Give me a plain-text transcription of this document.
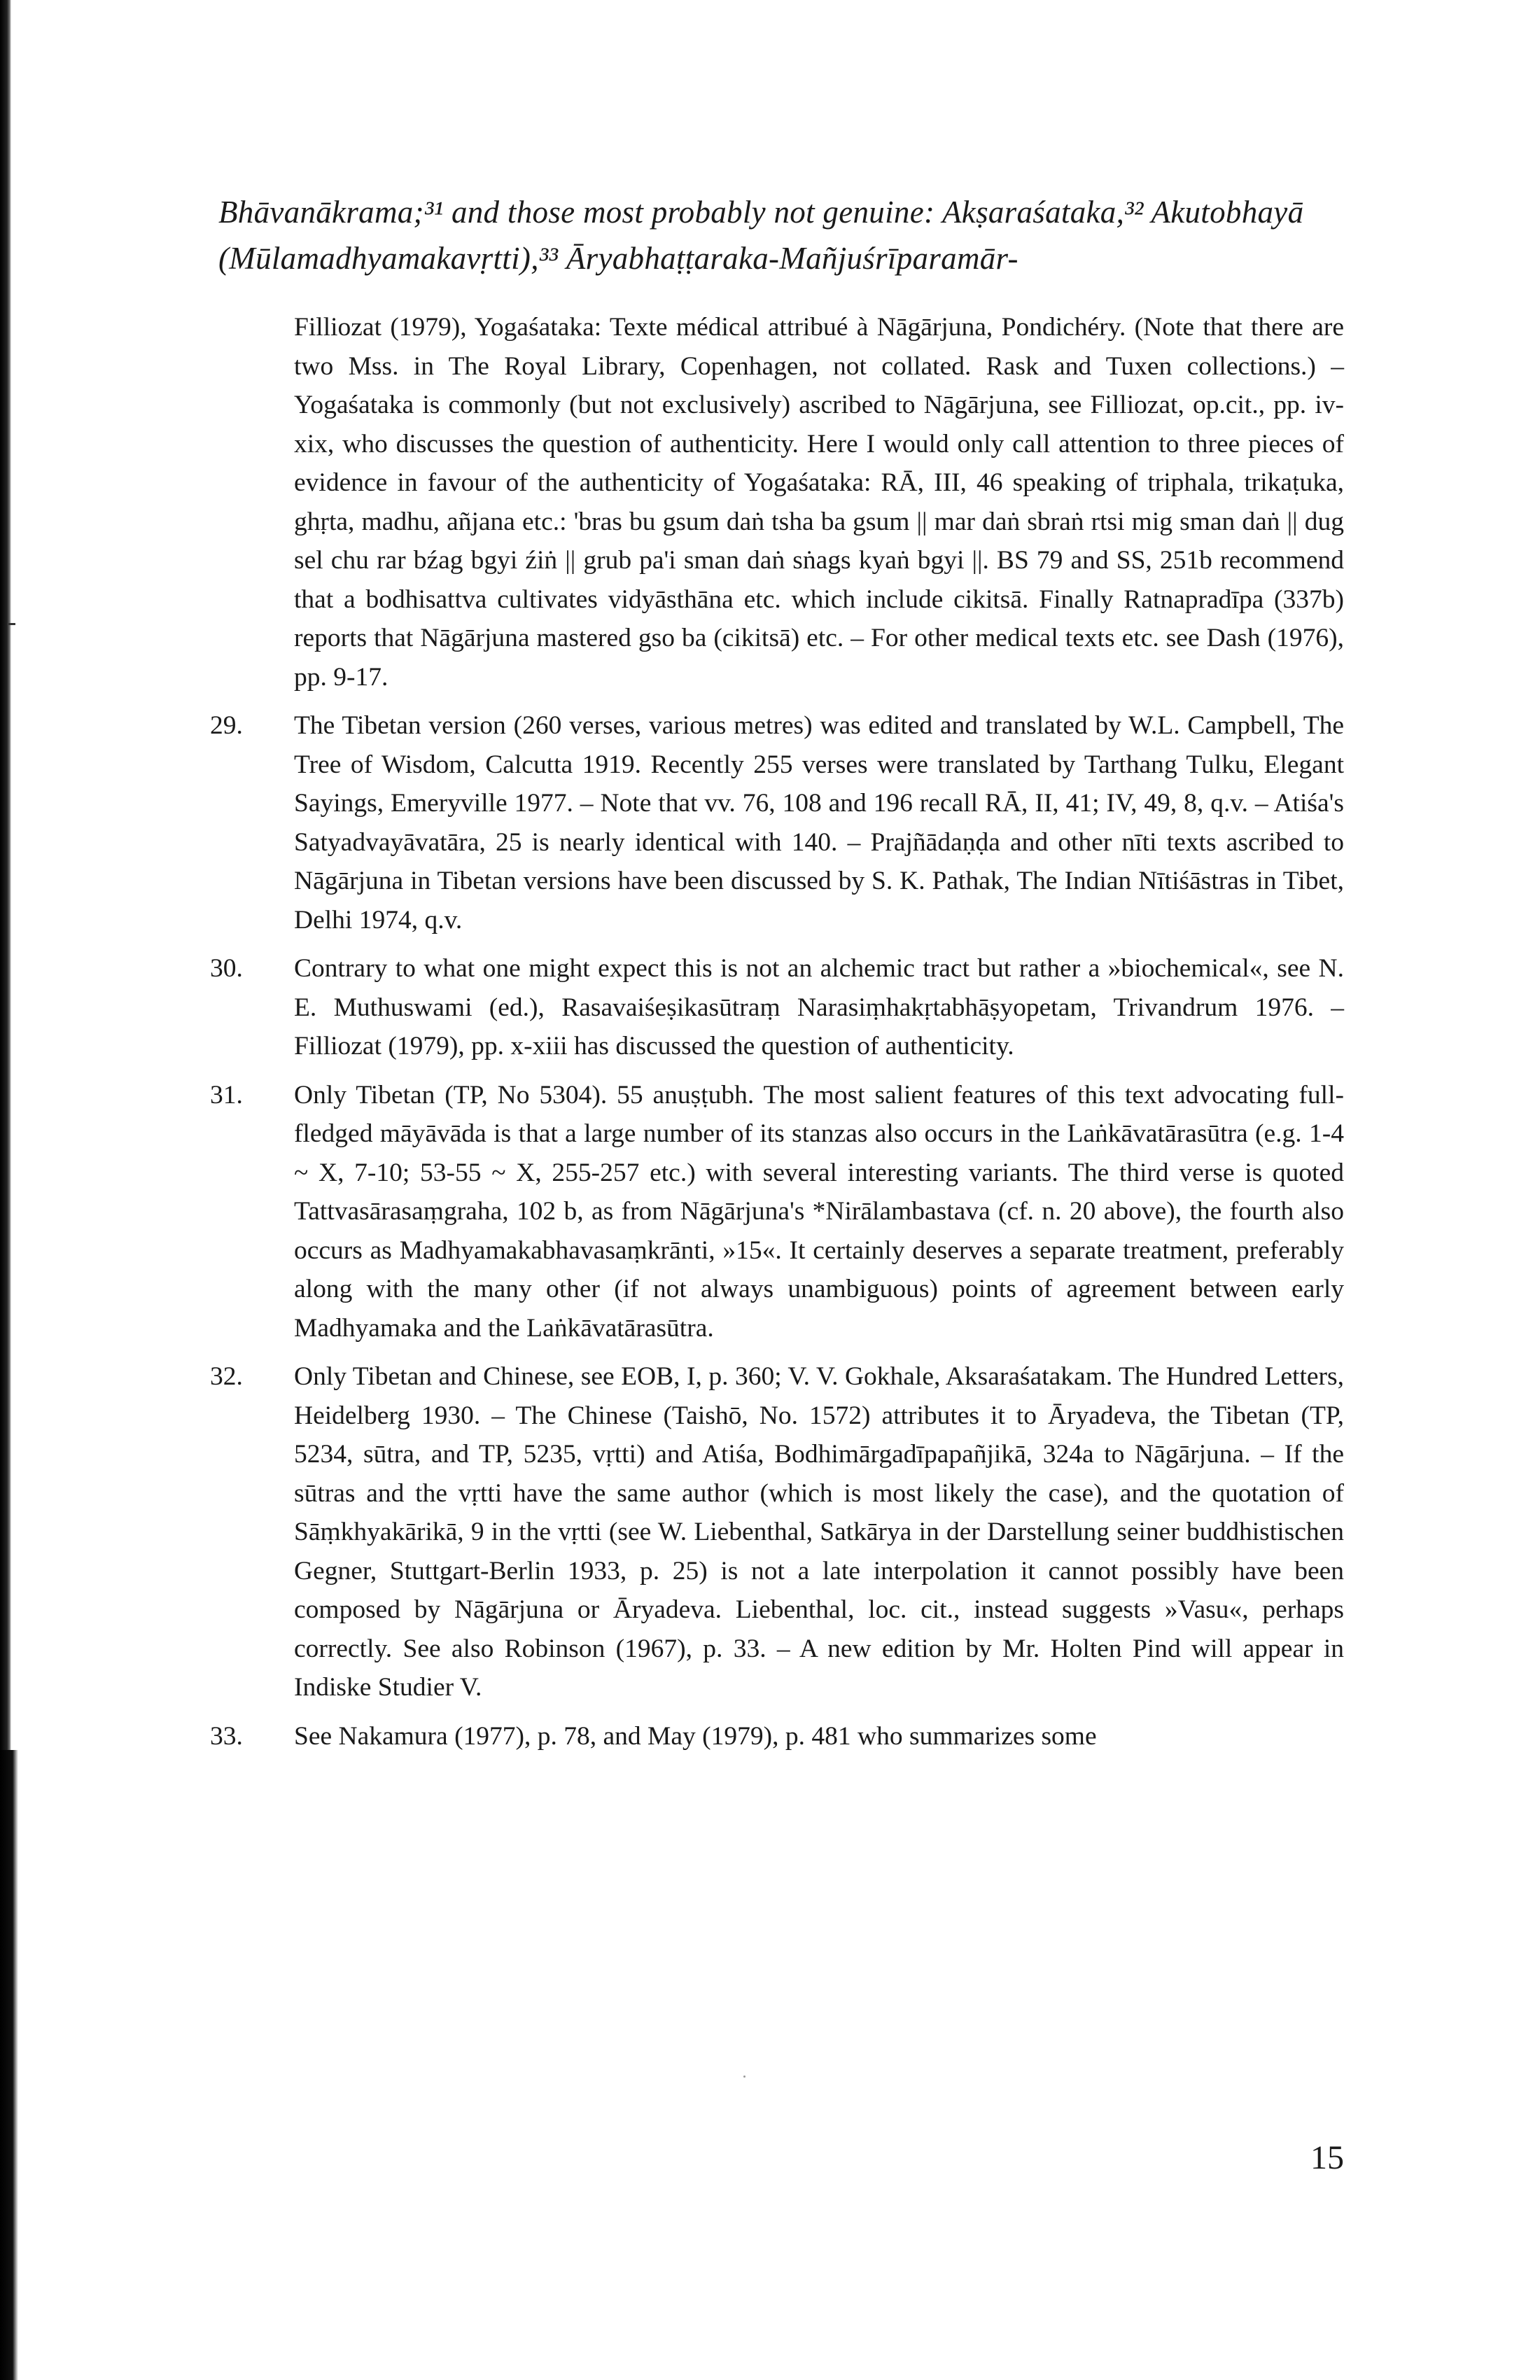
Bhāvanākrama;³¹ and those most probably not genuine: Akṣaraśataka,³² Akutobhayā (Mūlamadhyamakavṛtti),³³ Āryabhaṭṭaraka-Mañjuśrīparamār-
Filliozat (1979), Yogaśataka: Texte médical attribué à Nāgārjuna, Pondichéry. (Note that there are two Mss. in The Royal Library, Copenhagen, not collated. Rask and Tuxen collections.) – Yogaśataka is commonly (but not exclusively) ascribed to Nāgārjuna, see Filliozat, op.cit., pp. iv-xix, who discusses the question of authenticity. Here I would only call attention to three pieces of evidence in favour of the authenticity of Yogaśataka: RĀ, III, 46 speaking of triphala, trikaṭuka, ghṛta, madhu, añjana etc.: 'bras bu gsum daṅ tsha ba gsum || mar daṅ sbraṅ rtsi mig sman daṅ || dug sel chu rar bźag bgyi źiṅ || grub pa'i sman daṅ sṅags kyaṅ bgyi ||. BS 79 and SS, 251b recommend that a bodhisattva cultivates vidyāsthāna etc. which include cikitsā. Finally Ratnapradīpa (337b) reports that Nāgārjuna mastered gso ba (cikitsā) etc. – For other medical texts etc. see Dash (1976), pp. 9-17.
29.	The Tibetan version (260 verses, various metres) was edited and translated by W.L. Campbell, The Tree of Wisdom, Calcutta 1919. Recently 255 verses were translated by Tarthang Tulku, Elegant Sayings, Emeryville 1977. – Note that vv. 76, 108 and 196 recall RĀ, II, 41; IV, 49, 8, q.v. – Atiśa's Satyadvayāvatāra, 25 is nearly identical with 140. – Prajñādaṇḍa and other nīti texts ascribed to Nāgārjuna in Tibetan versions have been discussed by S. K. Pathak, The Indian Nītiśāstras in Tibet, Delhi 1974, q.v.
30.	Contrary to what one might expect this is not an alchemic tract but rather a »biochemical«, see N. E. Muthuswami (ed.), Rasavaiśeṣikasūtraṃ Narasiṃhakṛtabhāṣyopetam, Trivandrum 1976. – Filliozat (1979), pp. x-xiii has discussed the question of authenticity.
31.	Only Tibetan (TP, No 5304). 55 anuṣṭubh. The most salient features of this text advocating full-fledged māyāvāda is that a large number of its stanzas also occurs in the Laṅkāvatārasūtra (e.g. 1-4 ~ X, 7-10; 53-55 ~ X, 255-257 etc.) with several interesting variants. The third verse is quoted Tattvasārasaṃgraha, 102 b, as from Nāgārjuna's *Nirālambastava (cf. n. 20 above), the fourth also occurs as Madhyamakabhavasaṃkrānti, »15«. It certainly deserves a separate treatment, preferably along with the many other (if not always unambiguous) points of agreement between early Madhyamaka and the Laṅkāvatārasūtra.
32.	Only Tibetan and Chinese, see EOB, I, p. 360; V. V. Gokhale, Aksaraśatakam. The Hundred Letters, Heidelberg 1930. – The Chinese (Taishō, No. 1572) attributes it to Āryadeva, the Tibetan (TP, 5234, sūtra, and TP, 5235, vṛtti) and Atiśa, Bodhimārgadīpapañjikā, 324a to Nāgārjuna. – If the sūtras and the vṛtti have the same author (which is most likely the case), and the quotation of Sāṃkhyakārikā, 9 in the vṛtti (see W. Liebenthal, Satkārya in der Darstellung seiner buddhistischen Gegner, Stuttgart-Berlin 1933, p. 25) is not a late interpolation it cannot possibly have been composed by Nāgārjuna or Āryadeva. Liebenthal, loc. cit., instead suggests »Vasu«, perhaps correctly. See also Robinson (1967), p. 33. – A new edition by Mr. Holten Pind will appear in Indiske Studier V.
33.	See Nakamura (1977), p. 78, and May (1979), p. 481 who summarizes some
15
